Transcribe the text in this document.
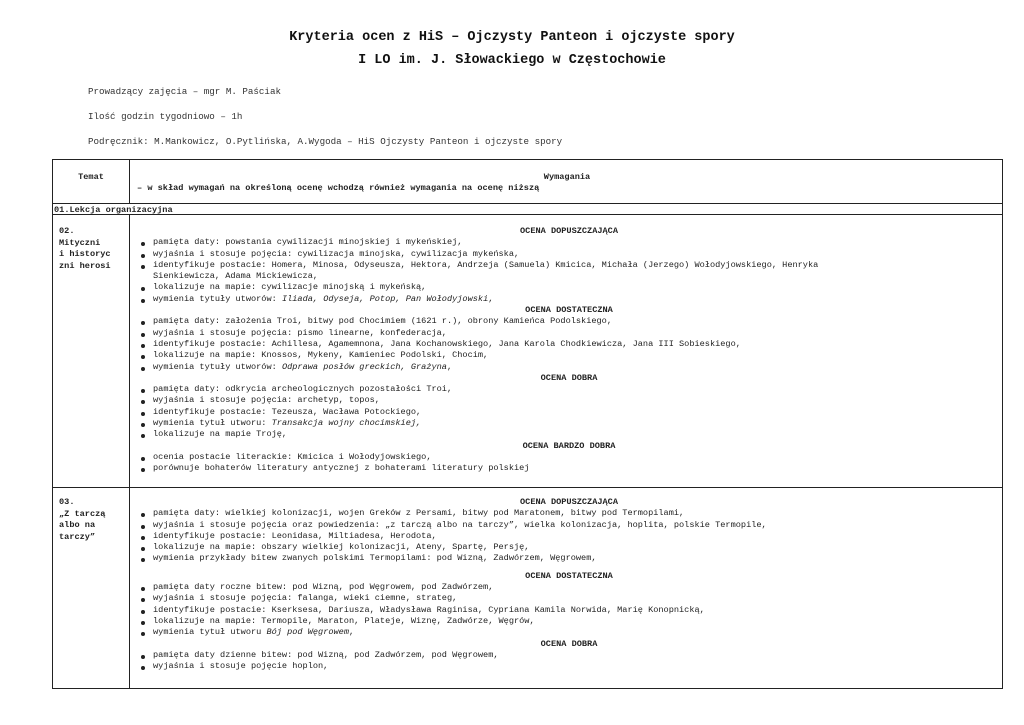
Kryteria ocen z HiS – Ojczysty Panteon i ojczyste spory
I LO im. J. Słowackiego w Częstochowie
Prowadzący zajęcia – mgr M. Paściak
Ilość godzin tygodniowo – 1h
Podręcznik: M.Mankowicz, O.Pytlińska, A.Wygoda – HiS Ojczysty Panteon i ojczyste spory
Temat	Wymagania
– w skład wymagań na określoną ocenę wchodzą również wymagania na ocenę niższą
01.Lekcja organizacyjna
02.
Mityczni
i historyc
zni herosi
OCENA DOPUSZCZAJĄCA
pamięta daty: powstania cywilizacji minojskiej i mykeńskiej,
wyjaśnia i stosuje pojęcia: cywilizacja minojska, cywilizacja mykeńska,
identyfikuje postacie: Homera, Minosa, Odyseusza, Hektora, Andrzeja (Samuela) Kmicica, Michała (Jerzego) Wołodyjowskiego, Henryka
Sienkiewicza, Adama Mickiewicza,
lokalizuje na mapie: cywilizacje minojską i mykeńską,
wymienia tytuły utworów: Iliada, Odyseja, Potop, Pan Wołodyjowski,
OCENA DOSTATECZNA
pamięta daty: założenia Troi, bitwy pod Chocimiem (1621 r.), obrony Kamieńca Podolskiego,
wyjaśnia i stosuje pojęcia: pismo linearne, konfederacja,
identyfikuje postacie: Achillesa, Agamemnona, Jana Kochanowskiego, Jana Karola Chodkiewicza, Jana III Sobieskiego,
lokalizuje na mapie: Knossos, Mykeny, Kamieniec Podolski, Chocim,
wymienia tytuły utworów: Odprawa posłów greckich, Grażyna,
OCENA DOBRA
pamięta daty: odkrycia archeologicznych pozostałości Troi,
wyjaśnia i stosuje pojęcia: archetyp, topos,
identyfikuje postacie: Tezeusza, Wacława Potockiego,
wymienia tytuł utworu: Transakcja wojny chocimskiej,
lokalizuje na mapie Troję,
OCENA BARDZO DOBRA
ocenia postacie literackie: Kmicica i Wołodyjowskiego,
porównuje bohaterów literatury antycznej z bohaterami literatury polskiej
03.
„Z tarczą
albo na
tarczy”
OCENA DOPUSZCZAJĄCA
pamięta daty: wielkiej kolonizacji, wojen Greków z Persami, bitwy pod Maratonem, bitwy pod Termopilami,
wyjaśnia i stosuje pojęcia oraz powiedzenia: „z tarczą albo na tarczy”, wielka kolonizacja, hoplita, polskie Termopile,
identyfikuje postacie: Leonidasa, Miltiadesa, Herodota,
lokalizuje na mapie: obszary wielkiej kolonizacji, Ateny, Spartę, Persję,
wymienia przykłady bitew zwanych polskimi Termopilami: pod Wizną, Zadwórzem, Węgrowem,
OCENA DOSTATECZNA
pamięta daty roczne bitew: pod Wizną, pod Węgrowem, pod Zadwórzem,
wyjaśnia i stosuje pojęcia: falanga, wieki ciemne, strateg,
identyfikuje postacie: Kserksesa, Dariusza, Władysława Raginisa, Cypriana Kamila Norwida, Marię Konopnicką,
lokalizuje na mapie: Termopile, Maraton, Plateje, Wiznę, Zadwórze, Węgrów,
wymienia tytuł utworu Bój pod Węgrowem,
OCENA DOBRA
pamięta daty dzienne bitew: pod Wizną, pod Zadwórzem, pod Węgrowem,
wyjaśnia i stosuje pojęcie hoplon,
